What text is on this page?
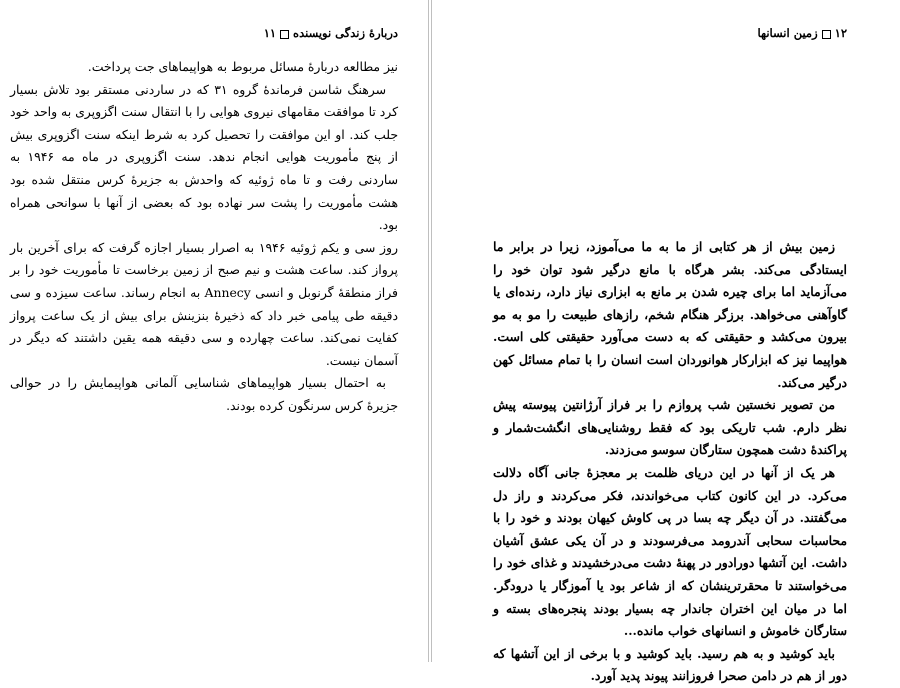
دربارهٔ زندگی نویسنده۱۱

نیز مطالعه دربارهٔ مسائل مربوط به هواپیماهای جت پرداخت.

سرهنگ شاسن فرماندهٔ گروه ۳۱ که در ساردنی مستقر بود تلاش بسیار کرد تا موافقت مقامهای نیروی هوایی را با انتقال سنت اگزوپری به واحد خود جلب کند. او این موافقت را تحصیل کرد به شرط اینکه سنت اگزوپری بیش از پنج مأموریت هوایی انجام ندهد. سنت اگزوپری در ماه مه ۱۹۴۶ به ساردنی رفت و تا ماه ژوئیه که واحدش به جزیرهٔ کرس منتقل شده بود هشت مأموریت را پشت سر نهاده بود که بعضی از آنها با سوانحی همراه بود.

روز سی و یکم ژوئیه ۱۹۴۶ به اصرار بسیار اجازه گرفت که برای آخرین بار پرواز کند. ساعت هشت و نیم صبح از زمین برخاست تا مأموریت خود را بر فراز منطقهٔ گرنوبل و انسی Annecy به انجام رساند. ساعت سیزده و سی دقیقه طی پیامی خبر داد که ذخیرهٔ بنزینش برای بیش از یک ساعت پرواز کفایت نمی‌کند. ساعت چهارده و سی دقیقه همه یقین داشتند که دیگر در آسمان نیست.

به احتمال بسیار هواپیماهای شناسایی آلمانی هواپیمایش را در حوالی جزیرهٔ کرس سرنگون کرده بودند.

۱۲زمین انسانها

زمین بیش از هر کتابی از ما به ما می‌آموزد، زیرا در برابر ما ایستادگی می‌کند. بشر هرگاه با مانع درگیر شود توان خود را می‌آزماید اما برای چیره شدن بر مانع به ابزاری نیاز دارد، رنده‌ای یا گاوآهنی می‌خواهد. برزگر هنگام شخم، رازهای طبیعت را مو به مو بیرون می‌کشد و حقیقتی که به دست می‌آورد حقیقتی کلی است. هواپیما نیز که ابزارکار هوانوردان است انسان را با تمام مسائل کهن درگیر می‌کند.

من تصویر نخستین شب پروازم را بر فراز آرژانتین پیوسته پیش نظر دارم. شب تاریکی بود که فقط روشنایی‌های انگشت‌شمار و پراکندهٔ دشت همچون ستارگان سوسو می‌زدند.

هر یک از آنها در این دریای ظلمت بر معجزهٔ جانی آگاه دلالت می‌کرد. در این کانون کتاب می‌خواندند، فکر می‌کردند و راز دل می‌گفتند. در آن دیگر چه بسا در پی کاوش کیهان بودند و خود را با محاسبات سحابی آندرومد می‌فرسودند و در آن یکی عشق آشیان داشت. این آتشها دورادور در پهنهٔ دشت می‌درخشیدند و غذای خود را می‌خواستند تا محقرترینشان که از شاعر بود یا آموزگار یا درودگر. اما در میان این اختران جاندار چه بسیار بودند پنجره‌های بسته و ستارگان خاموش و انسانهای خواب مانده...

باید کوشید و به هم رسید. باید کوشید و با برخی از این آتشها که دور از هم در دامن صحرا فروزانند پیوند پدید آورد.
